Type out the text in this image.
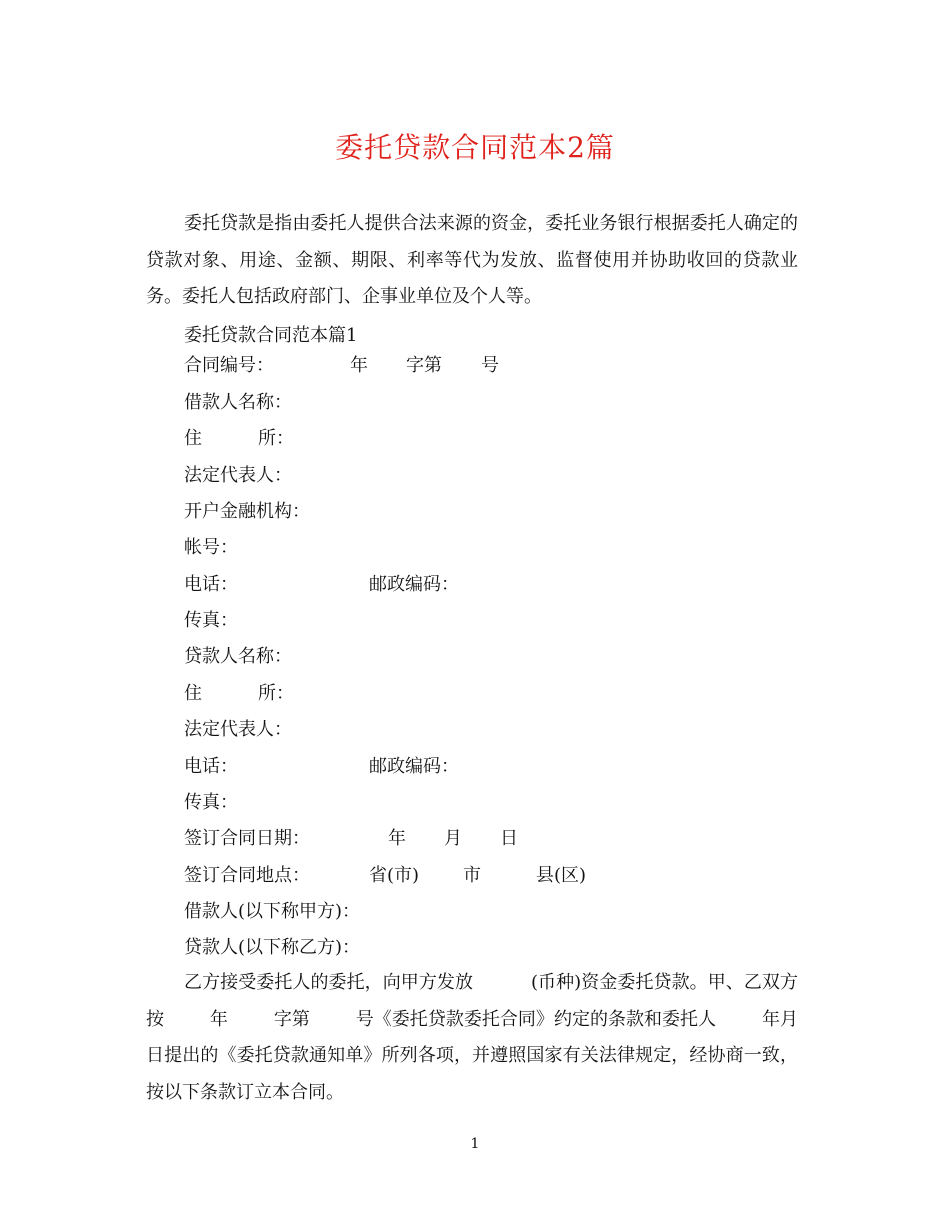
委托贷款合同范本2篇

委托贷款是指由委托人提供合法来源的资金，委托业务银行根据委托人确定的贷款对象、用途、金额、期限、利率等代为发放、监督使用并协助收回的贷款业务。委托人包括政府部门、企事业单位及个人等。

委托贷款合同范本篇1
合同编号：	年 字第 号
借款人名称：
住	所：
法定代表人：
开户金融机构：
帐号：
电话：	邮政编码：
传真：
贷款人名称：
住	所：
法定代表人：
电话：	邮政编码：
传真：
签订合同日期：	年 月 日
签订合同地点：	省(市) 市	县(区)
借款人(以下称甲方)：
贷款人(以下称乙方)：

乙方接受委托人的委托，向甲方发放          (币种)资金委托贷款。甲、乙双方按        年        字第        号《委托贷款委托合同》约定的条款和委托人        年月        日提出的《委托贷款通知单》所列各项，并遵照国家有关法律规定，经协商一致，按以下条款订立本合同。

1
